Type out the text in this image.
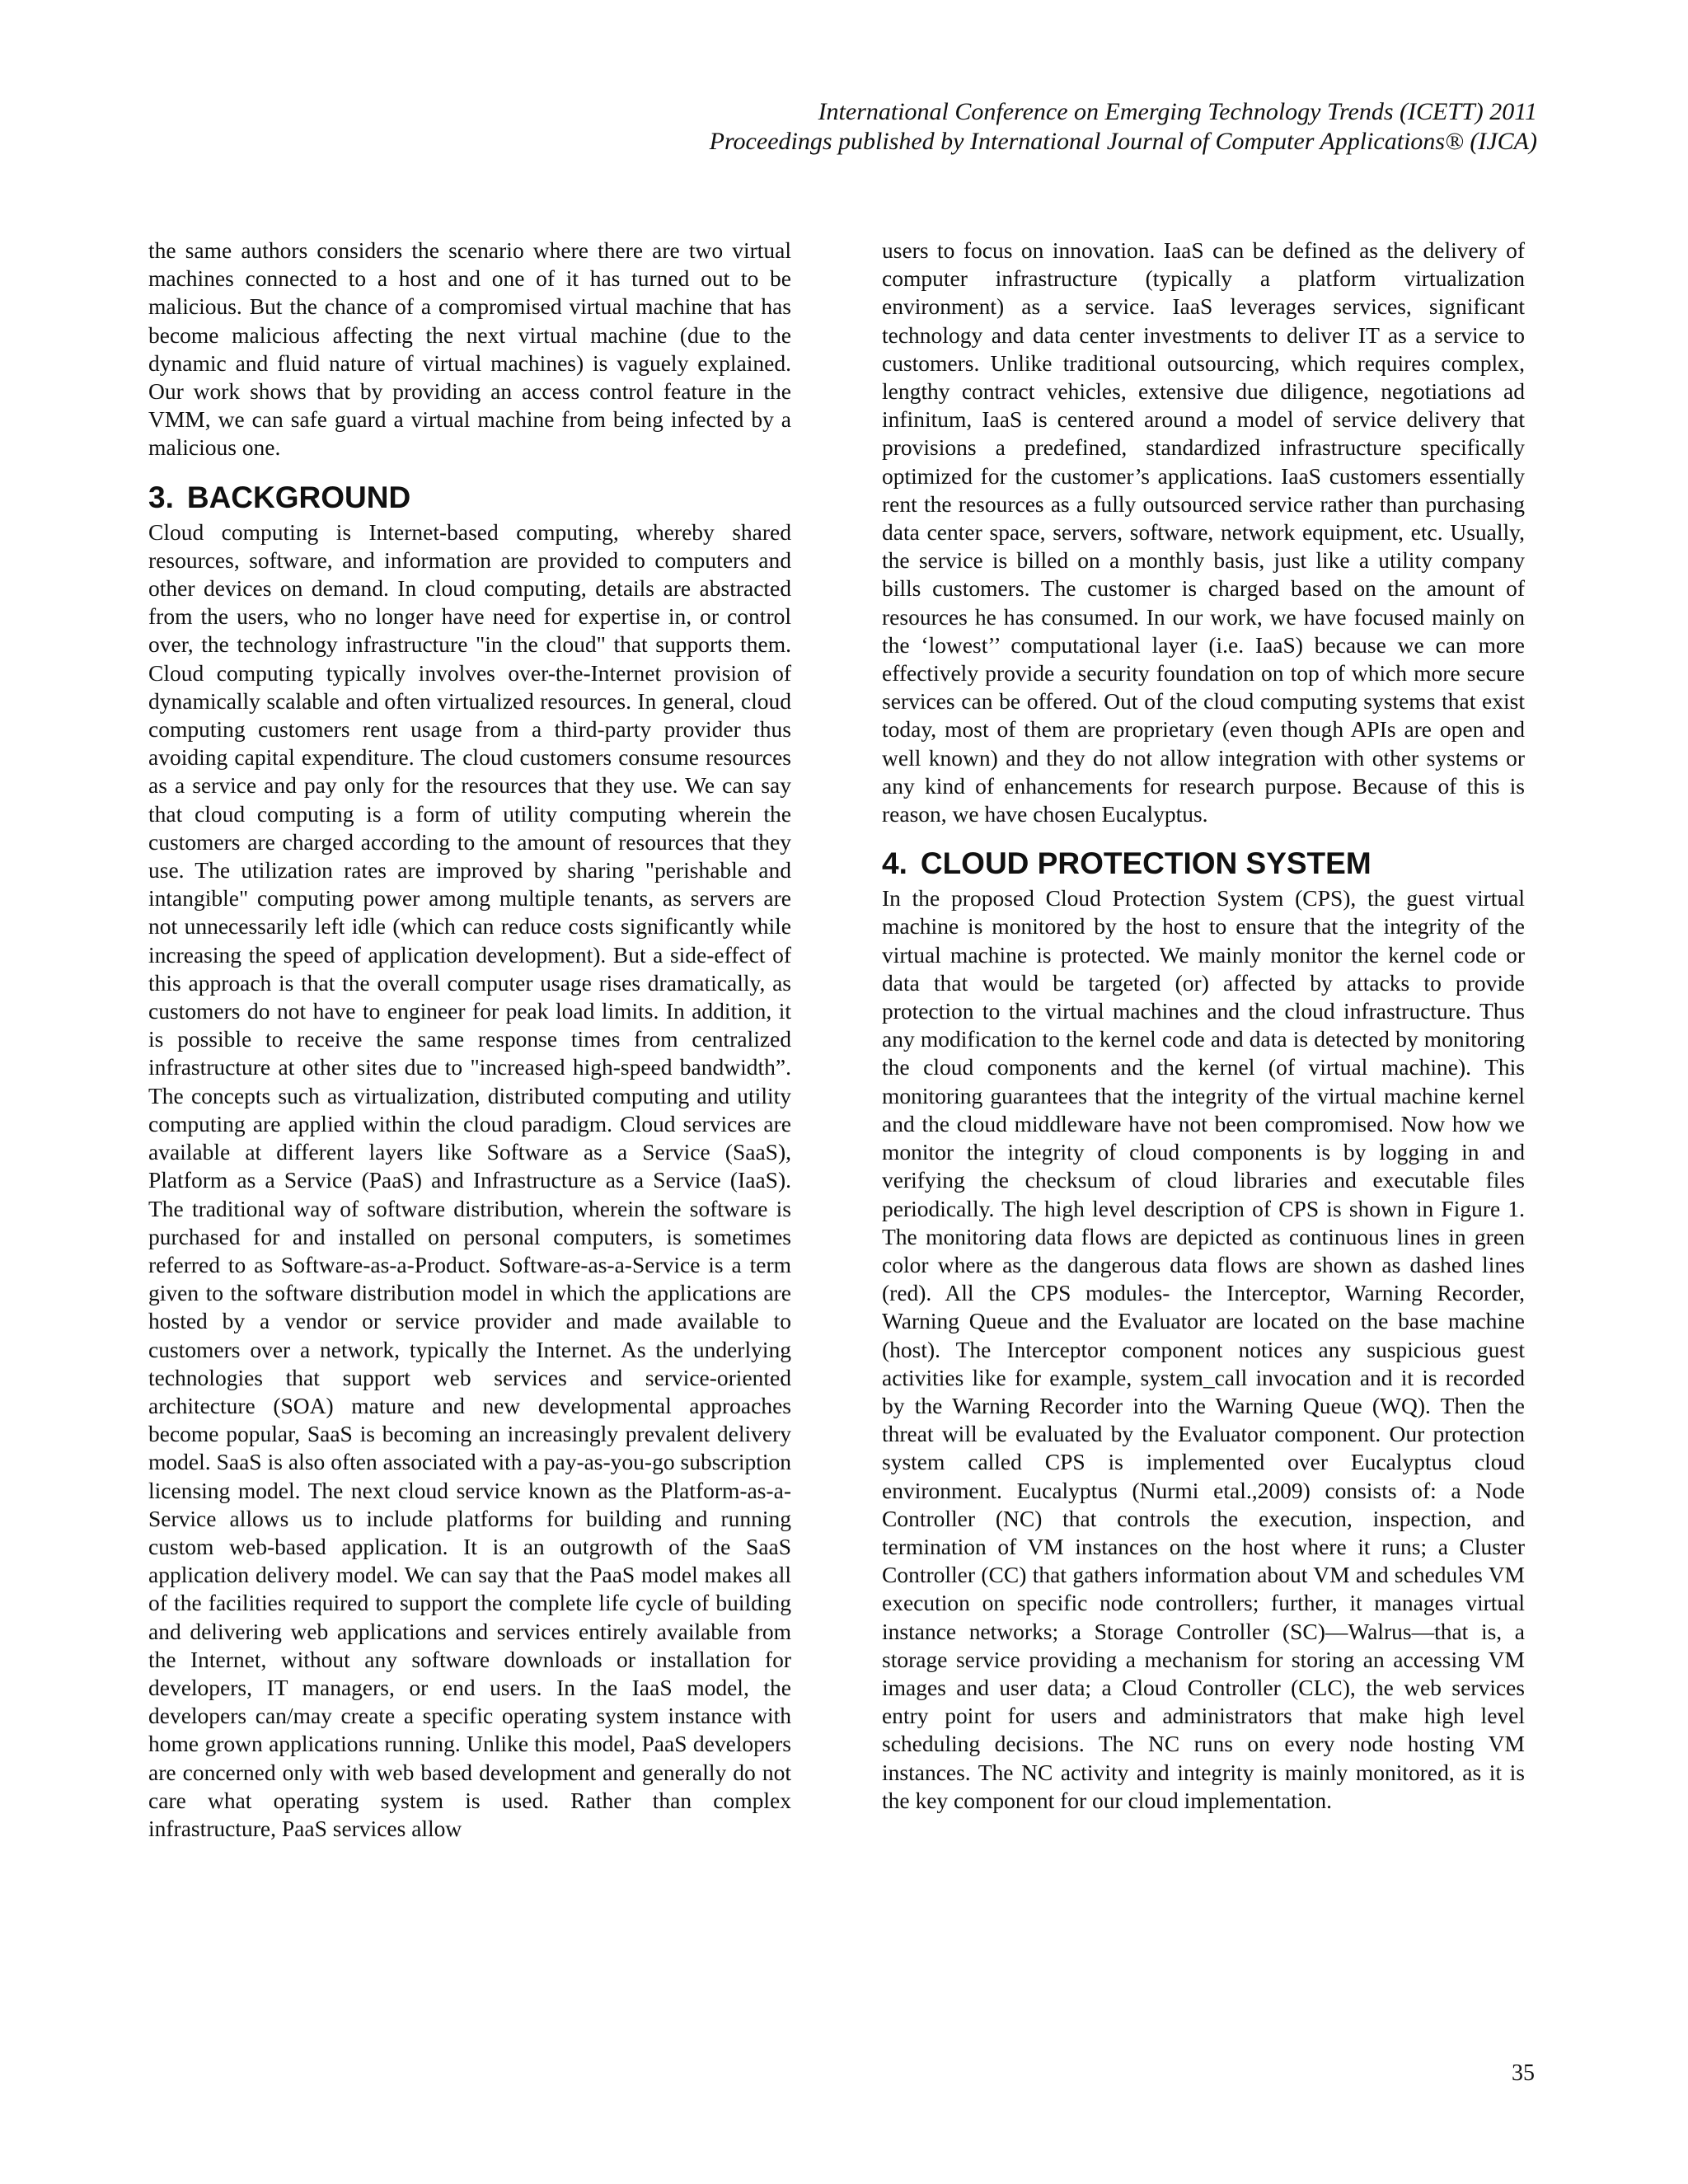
International Conference on Emerging Technology Trends (ICETT) 2011
Proceedings published by International Journal of Computer Applications® (IJCA)

the same authors considers the scenario where there are two virtual machines connected to a host and one of it has turned out to be malicious. But the chance of a compromised virtual machine that has become malicious affecting the next virtual machine (due to the dynamic and fluid nature of virtual machines) is vaguely explained. Our work shows that by providing an access control feature in the VMM, we can safe guard a virtual machine from being infected by a malicious one.

3. BACKGROUND

Cloud computing is Internet-based computing, whereby shared resources, software, and information are provided to computers and other devices on demand. In cloud computing, details are abstracted from the users, who no longer have need for expertise in, or control over, the technology infrastructure "in the cloud" that supports them. Cloud computing typically involves over-the-Internet provision of dynamically scalable and often virtualized resources. In general, cloud computing customers rent usage from a third-party provider thus avoiding capital expenditure. The cloud customers consume resources as a service and pay only for the resources that they use. We can say that cloud computing is a form of utility computing wherein the customers are charged according to the amount of resources that they use. The utilization rates are improved by sharing "perishable and intangible" computing power among multiple tenants, as servers are not unnecessarily left idle (which can reduce costs significantly while increasing the speed of application development). But a side-effect of this approach is that the overall computer usage rises dramatically, as customers do not have to engineer for peak load limits. In addition, it is possible to receive the same response times from centralized infrastructure at other sites due to "increased high-speed bandwidth”. The concepts such as virtualization, distributed computing and utility computing are applied within the cloud paradigm. Cloud services are available at different layers like Software as a Service (SaaS), Platform as a Service (PaaS) and Infrastructure as a Service (IaaS). The traditional way of software distribution, wherein the software is purchased for and installed on personal computers, is sometimes referred to as Software-as-a-Product. Software-as-a-Service is a term given to the software distribution model in which the applications are hosted by a vendor or service provider and made available to customers over a network, typically the Internet. As the underlying technologies that support web services and service-oriented architecture (SOA) mature and new developmental approaches become popular, SaaS is becoming an increasingly prevalent delivery model. SaaS is also often associated with a pay-as-you-go subscription licensing model. The next cloud service known as the Platform-as-a-Service allows us to include platforms for building and running custom web-based application. It is an outgrowth of the SaaS application delivery model. We can say that the PaaS model makes all of the facilities required to support the complete life cycle of building and delivering web applications and services entirely available from the Internet, without any software downloads or installation for developers, IT managers, or end users. In the IaaS model, the developers can/may create a specific operating system instance with home grown applications running. Unlike this model, PaaS developers are concerned only with web based development and generally do not care what operating system is used. Rather than complex infrastructure, PaaS services allow

users to focus on innovation. IaaS can be defined as the delivery of computer infrastructure (typically a platform virtualization environment) as a service. IaaS leverages services, significant technology and data center investments to deliver IT as a service to customers. Unlike traditional outsourcing, which requires complex, lengthy contract vehicles, extensive due diligence, negotiations ad infinitum, IaaS is centered around a model of service delivery that provisions a predefined, standardized infrastructure specifically optimized for the customer’s applications. IaaS customers essentially rent the resources as a fully outsourced service rather than purchasing data center space, servers, software, network equipment, etc. Usually, the service is billed on a monthly basis, just like a utility company bills customers. The customer is charged based on the amount of resources he has consumed. In our work, we have focused mainly on the ‘lowest’’ computational layer (i.e. IaaS) because we can more effectively provide a security foundation on top of which more secure services can be offered. Out of the cloud computing systems that exist today, most of them are proprietary (even though APIs are open and well known) and they do not allow integration with other systems or any kind of enhancements for research purpose. Because of this is reason, we have chosen Eucalyptus.

4. CLOUD PROTECTION SYSTEM

In the proposed Cloud Protection System (CPS), the guest virtual machine is monitored by the host to ensure that the integrity of the virtual machine is protected. We mainly monitor the kernel code or data that would be targeted (or) affected by attacks to provide protection to the virtual machines and the cloud infrastructure. Thus any modification to the kernel code and data is detected by monitoring the cloud components and the kernel (of virtual machine). This monitoring guarantees that the integrity of the virtual machine kernel and the cloud middleware have not been compromised. Now how we monitor the integrity of cloud components is by logging in and verifying the checksum of cloud libraries and executable files periodically. The high level description of CPS is shown in Figure 1. The monitoring data flows are depicted as continuous lines in green color where as the dangerous data flows are shown as dashed lines (red). All the CPS modules- the Interceptor, Warning Recorder, Warning Queue and the Evaluator are located on the base machine (host). The Interceptor component notices any suspicious guest activities like for example, system_call invocation and it is recorded by the Warning Recorder into the Warning Queue (WQ). Then the threat will be evaluated by the Evaluator component. Our protection system called CPS is implemented over Eucalyptus cloud environment. Eucalyptus (Nurmi etal.,2009) consists of: a Node Controller (NC) that controls the execution, inspection, and termination of VM instances on the host where it runs; a Cluster Controller (CC) that gathers information about VM and schedules VM execution on specific node controllers; further, it manages virtual instance networks; a Storage Controller (SC)—Walrus—that is, a storage service providing a mechanism for storing an accessing VM images and user data; a Cloud Controller (CLC), the web services entry point for users and administrators that make high level scheduling decisions. The NC runs on every node hosting VM instances. The NC activity and integrity is mainly monitored, as it is the key component for our cloud implementation.

35
